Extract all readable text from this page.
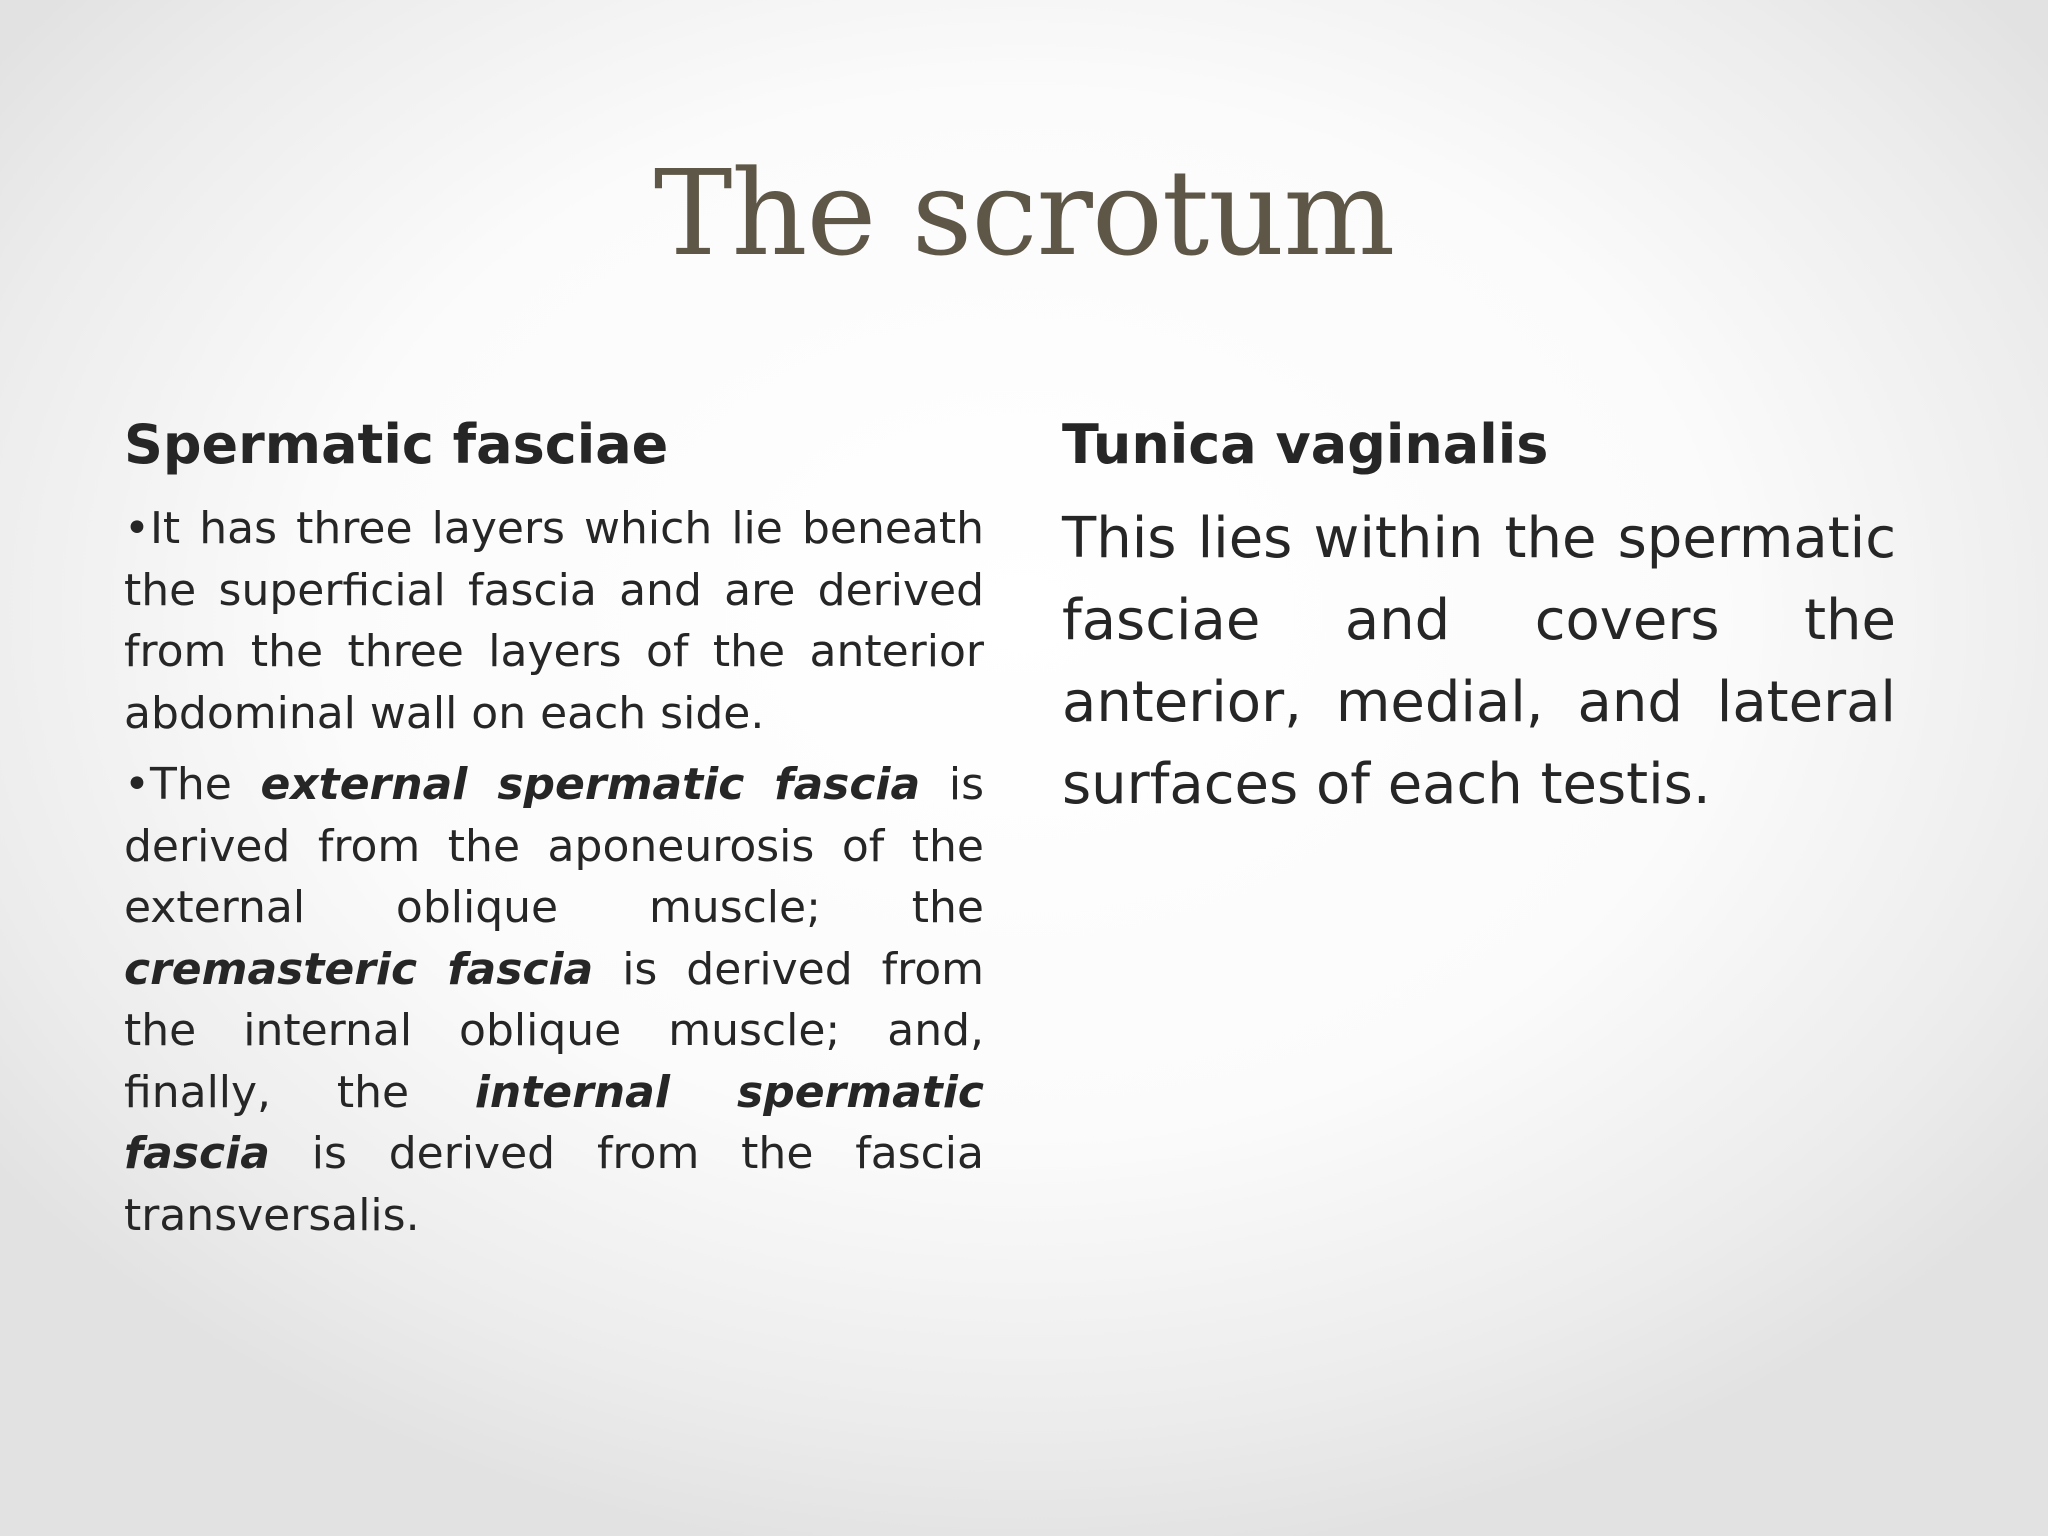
The scrotum
Spermatic fasciae
•It has three layers which lie beneath the superficial fascia and are derived from the three layers of the anterior abdominal wall on each side.
•The external spermatic fascia is derived from the aponeurosis of the external oblique muscle; the cremasteric fascia is derived from the internal oblique muscle; and, finally, the internal spermatic fascia is derived from the fascia transversalis.
Tunica vaginalis
This lies within the spermatic fasciae and covers the anterior, medial, and lateral surfaces of each testis.
